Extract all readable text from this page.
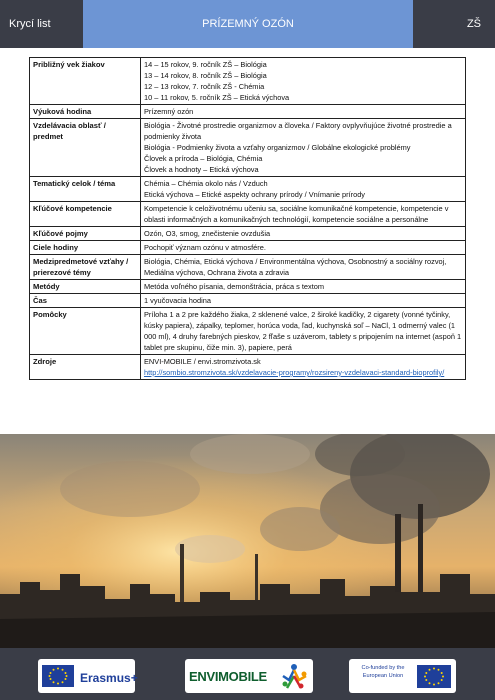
Krycí list	PRÍZEMNÝ OZÓN	ZŠ
Približný vek žiakov	14 – 15 rokov, 9. ročník ZŠ – Biológia
13 – 14 rokov, 8. ročník ZŠ – Biológia
12 – 13 rokov, 7. ročník ZŠ - Chémia
10 – 11 rokov, 5. ročník ZŠ – Etická výchova

Výuková hodina	Prízemný ozón

Vzdelávacia oblasť / predmet	Biológia - Životné prostredie organizmov a človeka / Faktory ovplyvňujúce životné prostredie a podmienky života
Biológia - Podmienky života a vzťahy organizmov / Globálne ekologické problémy
Človek a príroda – Biológia, Chémia
Človek a hodnoty – Etická výchova

Tematický celok / téma	Chémia – Chémia okolo nás / Vzduch
Etická výchova – Etické aspekty ochrany prírody / Vnímanie prírody

Kľúčové kompetencie	Kompetencie k celoživotnému učeniu sa, sociálne komunikačné kompetencie, kompetencie v oblasti informačných a komunikačných technológií, kompetencie sociálne a personálne

Kľúčové pojmy	Ozón, O3, smog, znečistenie ovzdušia

Ciele hodiny	Pochopiť význam ozónu v atmosfére.

Medzipredmetové vzťahy / prierezové témy	Biológia, Chémia, Etická výchova / Environmentálna výchova, Osobnostný a sociálny rozvoj, Mediálna výchova, Ochrana života a zdravia

Metódy	Metóda voľného písania, demonštrácia, práca s textom

Čas	1 vyučovacia hodina

Pomôcky	Príloha 1 a 2 pre každého žiaka, 2 sklenené valce, 2 široké kadičky, 2 cigarety (vonné tyčinky, kúsky papiera), zápalky, teplomer, horúca voda, ľad, kuchynská soľ – NaCl, 1 odmerný valec (1 000 ml), 4 druhy farebných pieskov, 2 fľaše s uzáverom, tablety s pripojením na internet (aspoň 1 tablet pre skupinu, čiže min. 3), papiere, perá

Zdroje	ENVI-MOBILE / envi.stromzivota.sk
http://sombio.stromzivota.sk/vzdelavacie-programy/rozsireny-vzdelavaci-standard-bioprofily/
Erasmus+	ENVIMOBILE
Co-funded by the European Union
